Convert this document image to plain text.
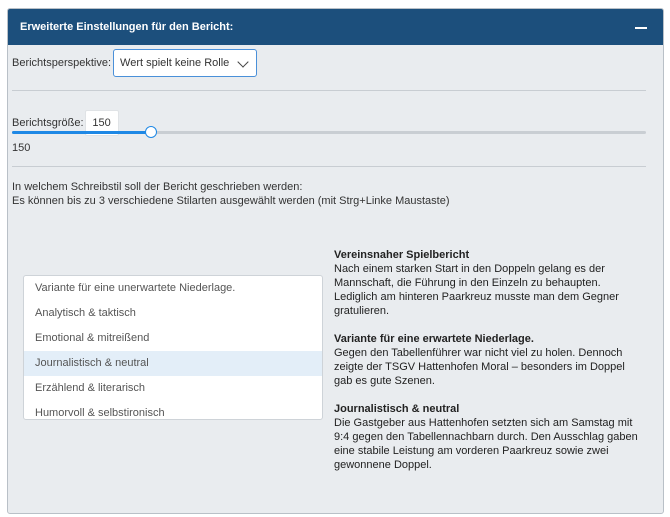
Erweiterte Einstellungen für den Bericht:
Berichtsperspektive: Wert spielt keine Rolle
Berichtsgröße: 150
150
In welchem Schreibstil soll der Bericht geschrieben werden:
Es können bis zu 3 verschiedene Stilarten ausgewählt werden (mit Strg+Linke Maustaste)
Variante für eine unerwartete Niederlage.
Analytisch & taktisch
Emotional & mitreißend
Journalistisch & neutral
Erzählend & literarisch
Humorvoll & selbstironisch
Vereinsnaher Spielbericht
Nach einem starken Start in den Doppeln gelang es der Mannschaft, die Führung in den Einzeln zu behaupten. Lediglich am hinteren Paarkreuz musste man dem Gegner gratulieren.
Variante für eine erwartete Niederlage.
Gegen den Tabellenführer war nicht viel zu holen. Dennoch zeigte der TSGV Hattenhofen Moral – besonders im Doppel gab es gute Szenen.
Journalistisch & neutral
Die Gastgeber aus Hattenhofen setzten sich am Samstag mit 9:4 gegen den Tabellennachbarn durch. Den Ausschlag gaben eine stabile Leistung am vorderen Paarkreuz sowie zwei gewonnene Doppel.
